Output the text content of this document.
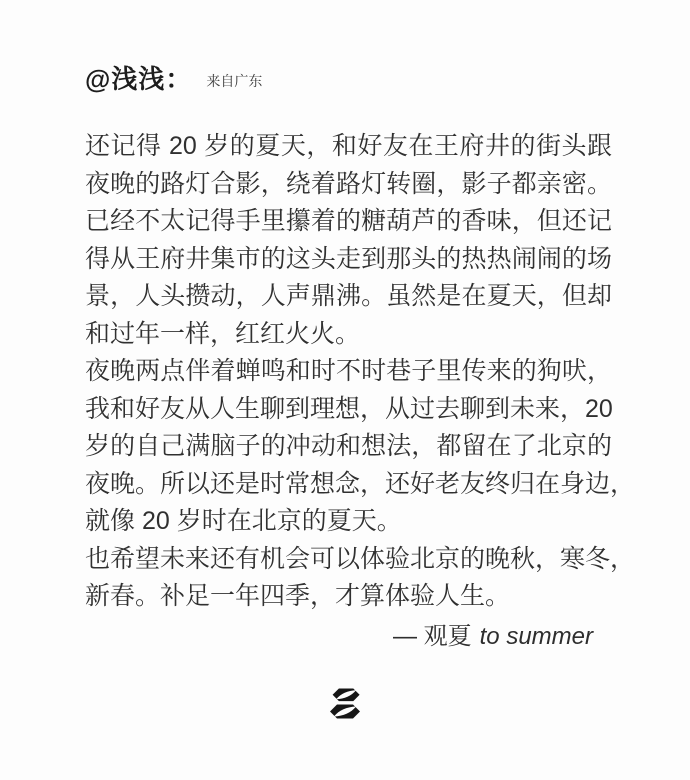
@浅浅： 来自广东
还记得 20 岁的夏天，和好友在王府井的街头跟
夜晚的路灯合影，绕着路灯转圈，影子都亲密。
已经不太记得手里攥着的糖葫芦的香味，但还记
得从王府井集市的这头走到那头的热热闹闹的场
景，人头攒动，人声鼎沸。虽然是在夏天，但却
和过年一样，红红火火。
夜晚两点伴着蝉鸣和时不时巷子里传来的狗吠，
我和好友从人生聊到理想，从过去聊到未来，20
岁的自己满脑子的冲动和想法，都留在了北京的
夜晚。所以还是时常想念，还好老友终归在身边，
就像 20 岁时在北京的夏天。
也希望未来还有机会可以体验北京的晚秋，寒冬，
新春。补足一年四季，才算体验人生。
— 观夏 to summer
